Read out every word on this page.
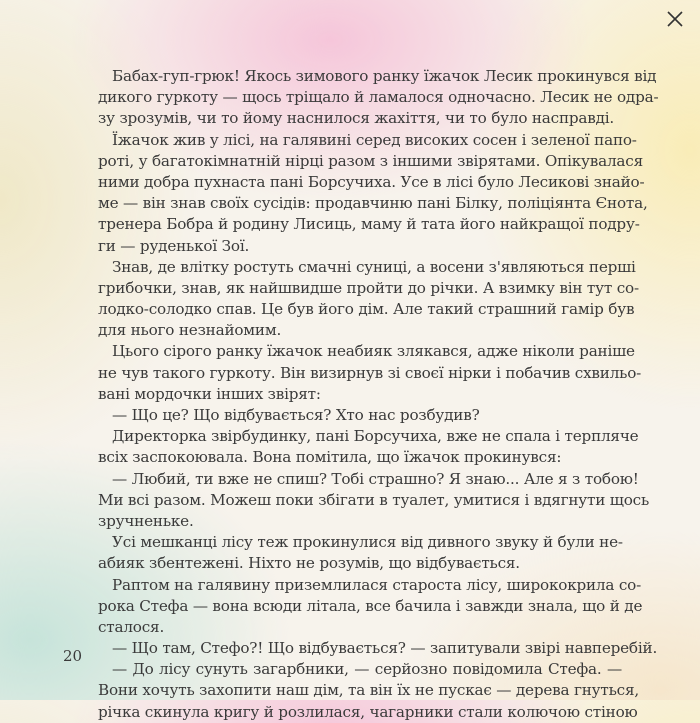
Бабах-гуп-грюк! Якось зимового ранку їжачок Лесик прокинувся від
дикого гуркоту — щось тріщало й ламалося одночасно. Лесик не одра-
зу зрозумів, чи то йому наснилося жахіття, чи то було насправді.
Їжачок жив у лісі, на галявині серед високих сосен і зеленої папо-
роті, у багатокімнатній нірці разом з іншими звірятами. Опікувалася
ними добра пухнаста пані Борсучиха. Усе в лісі було Лесикові знайо-
ме — він знав своїх сусідів: продавчиню пані Білку, поліціянта Єнота,
тренера Бобра й родину Лисиць, маму й тата його найкращої подру-
ги — руденької Зої.
Знав, де влітку ростуть смачні суниці, а восени з'являються перші
грибочки, знав, як найшвидше пройти до річки. А взимку він тут со-
лодко-солодко спав. Це був його дім. Але такий страшний гамір був
для нього незнайомим.
Цього сірого ранку їжачок неабияк злякався, адже ніколи раніше
не чув такого гуркоту. Він визирнув зі своєї нірки і побачив схвильо-
вані мордочки інших звірят:
— Що це? Що відбувається? Хто нас розбудив?
Директорка звірбудинку, пані Борсучиха, вже не спала і терпляче
всіх заспокоювала. Вона помітила, що їжачок прокинувся:
— Любий, ти вже не спиш? Тобі страшно? Я знаю... Але я з тобою!
Ми всі разом. Можеш поки збігати в туалет, умитися і вдягнути щось
зручненьке.
Усі мешканці лісу теж прокинулися від дивного звуку й були не-
абияк збентежені. Ніхто не розумів, що відбувається.
Раптом на галявину приземлилася староста лісу, ширококрила со-
рока Стефа — вона всюди літала, все бачила і завжди знала, що й де
сталося.
— Що там, Стефо?! Що відбувається? — запитували звірі навперебій.
— До лісу сунуть загарбники, — серйозно повідомила Стефа. —
Вони хочуть захопити наш дім, та він їх не пускає — дерева гнуться,
річка скинула кригу й розлилася, чагарники стали колючою стіною
20
